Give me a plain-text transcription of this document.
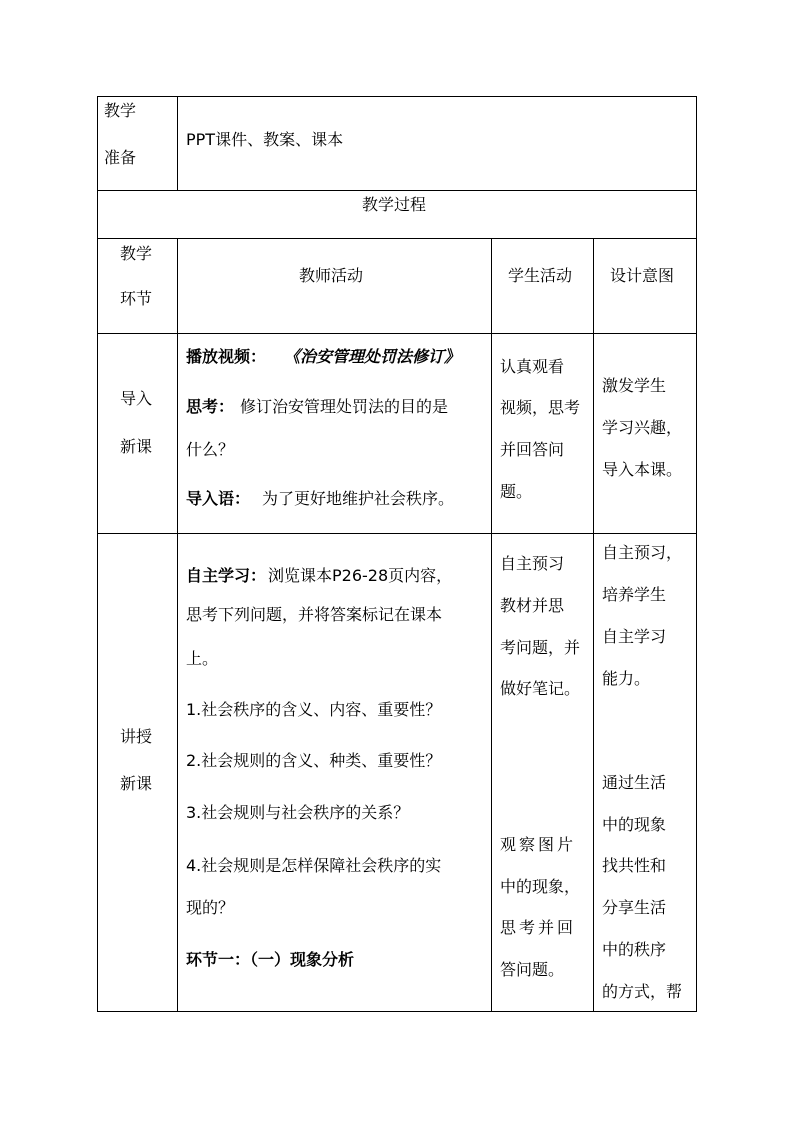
教学
准备
PPT课件、教案、课本
教学过程
教学
环节
教师活动	学生活动 设计意图
导入
新课
播放视频： 《治安管理处罚法修订》
思考： 修订治安管理处罚法的目的是
什么？
导入语： 为了更好地维护社会秩序。
认真观看
视频，思考
并回答问
题。
激发学生
学习兴趣，
导入本课。
讲授
新课
自主学习： 浏览课本P26-28页内容，
思考下列问题，并将答案标记在课本
上。
1.社会秩序的含义、内容、重要性？
2.社会规则的含义、种类、重要性？
3.社会规则与社会秩序的关系？
4.社会规则是怎样保障社会秩序的实
现的？
环节一：（一）现象分析
自主预习
教材并思
考问题，并
做好笔记。
观察图片
中的现象，
思考并回
答问题。
自主预习，
培养学生
自主学习
能力。
通过生活
中的现象
找共性和
分享生活
中的秩序
的方式，帮
